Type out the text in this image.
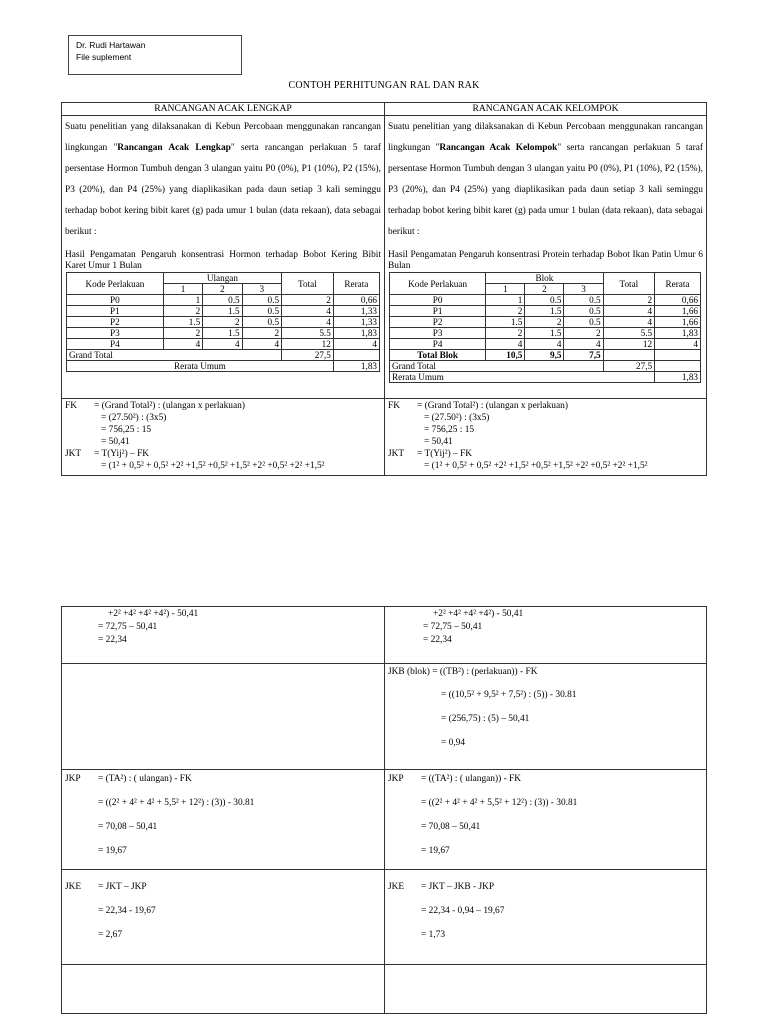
Dr. Rudi Hartawan
File suplement
CONTOH PERHITUNGAN RAL DAN RAK
RANCANGAN ACAK LENGKAP
Suatu penelitian yang dilaksanakan di Kebun Percobaan menggunakan rancangan lingkungan "Rancangan Acak Lengkap" serta rancangan perlakuan 5 taraf persentase Hormon Tumbuh dengan 3 ulangan yaitu P0 (0%), P1 (10%), P2 (15%), P3 (20%), dan P4 (25%) yang diaplikasikan pada daun setiap 3 kali seminggu terhadap bobot kering bibit karet (g) pada umur 1 bulan (data rekaan), data sebagai berikut :
Hasil Pengamatan Pengaruh konsentrasi Hormon terhadap Bobot Kering Bibit Karet Umur 1 Bulan
Kode Perlakuan	Ulangan			Total	Rerata
	1	2	3		
P0	1	0.5	0.5	2	0,66
P1	2	1.5	0.5	4	1,33
P2	1.5	2	0.5	4	1,33
P3	2	1.5	2	5.5	1,83
P4	4	4	4	12	4
Grand Total				27,5	
Rerata Umum					1,83
FK	= (Grand Total²) : (ulangan x perlakuan)
= (27.50²) : (3x5)
= 756,25 : 15
= 50,41
JKT	= T(Yij²) – FK
= (1² + 0,5² + 0,5² +2² +1,5² +0,5² +1,5² +2² +0,5² +2² +1,5²
RANCANGAN ACAK KELOMPOK
Suatu penelitian yang dilaksanakan di Kebun Percobaan menggunakan rancangan lingkungan "Rancangan Acak Kelompok" serta rancangan perlakuan 5 taraf persentase Hormon Tumbuh dengan 3 ulangan yaitu P0 (0%), P1 (10%), P2 (15%), P3 (20%), dan P4 (25%) yang diaplikasikan pada daun setiap 3 kali seminggu terhadap bobot kering bibit karet (g) pada umur 1 bulan (data rekaan), data sebagai berikut :
Hasil Pengamatan Pengaruh konsentrasi Protein terhadap Bobot Ikan Patin Umur 6 Bulan
Kode Perlakuan	Blok			Total	Rerata
	1	2	3		
P0	1	0.5	0.5	2	0,66
P1	2	1.5	0.5	4	1,66
P2	1.5	2	0.5	4	1,66
P3	2	1.5	2	5.5	1,83
P4	4	4	4	12	4
Total Blok	10,5	9,5	7,5		
Grand Total				27,5	
Rerata Umum					1,83
FK	= (Grand Total²) : (ulangan x perlakuan)
= (27.50²) : (3x5)
= 756,25 : 15
= 50,41
JKT	= T(Yij²) – FK
= (1² + 0,5² + 0,5² +2² +1,5² +0,5² +1,5² +2² +0,5² +2² +1,5²
+2² +4² +4² +4²) - 50,41
= 72,75 – 50,41
= 22,34
+2² +4² +4² +4²) - 50,41
= 72,75 – 50,41
= 22,34
JKB (blok) = ((TB²) : (perlakuan)) - FK
= ((10,5² + 9,5² + 7,5²) : (5)) - 30.81
= (256,75) : (5) – 50,41
= 0,94
JKP = (TA²) : ( ulangan) - FK
= ((2² + 4² + 4² + 5,5² + 12²) : (3)) - 30.81
= 70,08 – 50,41
= 19,67
JKP = ((TA²) : ( ulangan)) - FK
= ((2² + 4² + 4² + 5,5² + 12²) : (3)) - 30.81
= 70,08 – 50,41
= 19,67
JKE = JKT – JKP
= 22,34 - 19,67
= 2,67
JKE = JKT – JKB - JKP
= 22,34 - 0,94 – 19,67
= 1,73
